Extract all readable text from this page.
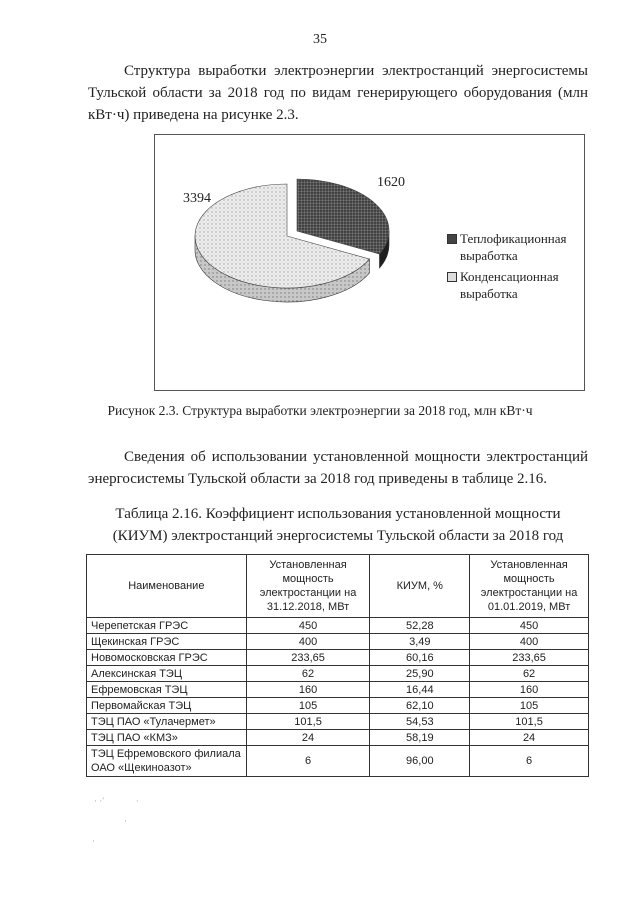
35
Структура выработки электроэнергии электростанций энергосистемы Тульской области за 2018 год по видам генерирующего оборудования (млн кВт·ч) приведена на рисунке 2.3.
1620
3394
Теплофикационная выработка
Конденсационная выработка
Рисунок 2.3. Структура выработки электроэнергии за 2018 год, млн кВт·ч
Сведения об использовании установленной мощности электростанций энергосистемы Тульской области за 2018 год приведены в таблице 2.16.
Таблица 2.16. Коэффициент использования установленной мощности (КИУМ) электростанций энергосистемы Тульской области за 2018 год
Наименование	Установленная мощность электростанции на 31.12.2018, МВт	КИУМ, %	Установленная мощность электростанции на 01.01.2019, МВт
Черепетская ГРЭС	450	52,28	450
Щекинская ГРЭС	400	3,49	400
Новомосковская ГРЭС	233,65	60,16	233,65
Алексинская ТЭЦ	62	25,90	62
Ефремовская ТЭЦ	160	16,44	160
Первомайская ТЭЦ	105	62,10	105
ТЭЦ ПАО «Тулачермет»	101,5	54,53	101,5
ТЭЦ ПАО «КМЗ»	24	58,19	24
ТЭЦ Ефремовского филиала ОАО «Щекиноазот»	6	96,00	6
· ·′              ·
·
·
